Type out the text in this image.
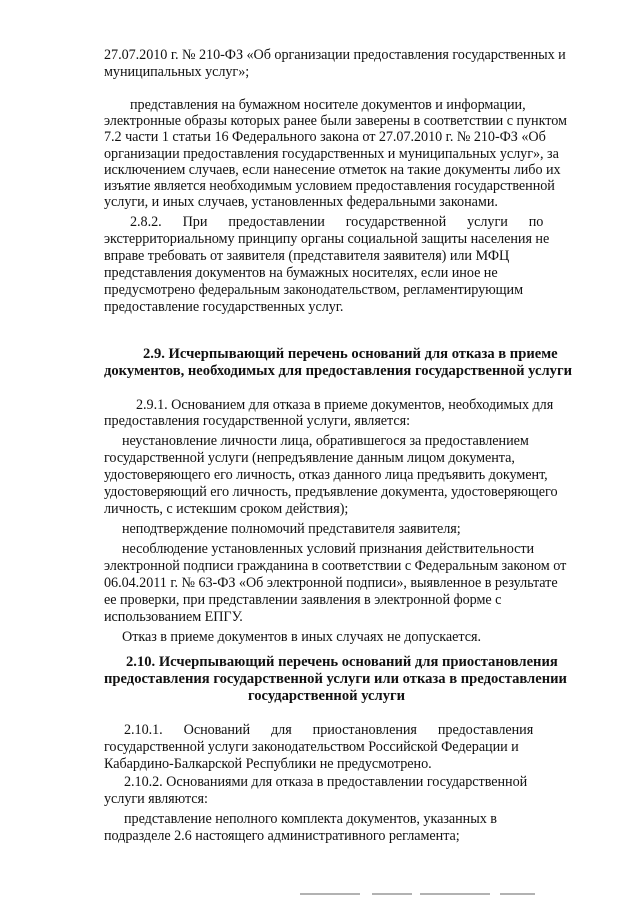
27.07.2010 г. № 210-ФЗ «Об организации предоставления государственных и
муниципальных услуг»;
представления на бумажном носителе документов и информации,
электронные образы которых ранее были заверены в соответствии с пунктом
7.2 части 1 статьи 16 Федерального закона от 27.07.2010 г. № 210-ФЗ «Об
организации предоставления государственных и муниципальных услуг», за
исключением случаев, если нанесение отметок на такие документы либо их
изъятие является необходимым условием предоставления государственной
услуги, и иных случаев, установленных федеральными законами.
2.8.2.      При      предоставлении      государственной      услуги      по
экстерриториальному принципу органы социальной защиты населения не
вправе требовать от заявителя (представителя заявителя) или МФЦ
представления документов на бумажных носителях, если иное не
предусмотрено федеральным законодательством, регламентирующим
предоставление государственных услуг.
2.9. Исчерпывающий перечень оснований для отказа в приеме
документов, необходимых для предоставления государственной услуги
2.9.1. Основанием для отказа в приеме документов, необходимых для
предоставления государственной услуги, является:
неустановление личности лица, обратившегося за предоставлением
государственной услуги (непредъявление данным лицом документа,
удостоверяющего его личность, отказ данного лица предъявить документ,
удостоверяющий его личность, предъявление документа, удостоверяющего
личность, с истекшим сроком действия);
неподтверждение полномочий представителя заявителя;
несоблюдение установленных условий признания действительности
электронной подписи гражданина в соответствии с Федеральным законом от
06.04.2011 г. № 63-ФЗ «Об электронной подписи», выявленное в результате
ее проверки, при представлении заявления в электронной форме с
использованием ЕПГУ.
Отказ в приеме документов в иных случаях не допускается.
2.10. Исчерпывающий перечень оснований для приостановления
предоставления государственной услуги или отказа в предоставлении
государственной услуги
2.10.1.      Оснований      для      приостановления      предоставления
государственной услуги законодательством Российской Федерации и
Кабардино-Балкарской Республики не предусмотрено.
2.10.2. Основаниями для отказа в предоставлении государственной
услуги являются:
представление неполного комплекта документов, указанных в
подразделе 2.6 настоящего административного регламента;
